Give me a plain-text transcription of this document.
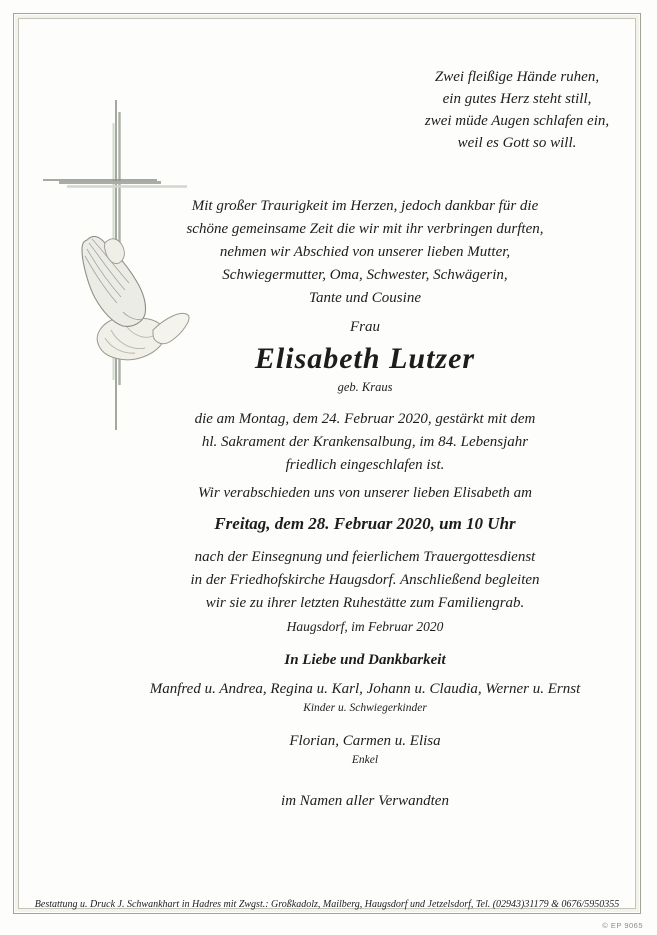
Zwei fleißige Hände ruhen,
ein gutes Herz steht still,
zwei müde Augen schlafen ein,
weil es Gott so will.
Mit großer Traurigkeit im Herzen, jedoch dankbar für die
schöne gemeinsame Zeit die wir mit ihr verbringen durften,
nehmen wir Abschied von unserer lieben Mutter,
Schwiegermutter, Oma, Schwester, Schwägerin,
Tante und Cousine
Frau
Elisabeth Lutzer
geb. Kraus
die am Montag, dem 24. Februar 2020, gestärkt mit dem
hl. Sakrament der Krankensalbung, im 84. Lebensjahr
friedlich eingeschlafen ist.
Wir verabschieden uns von unserer lieben Elisabeth am
Freitag, dem 28. Februar 2020, um 10 Uhr
nach der Einsegnung und feierlichem Trauergottesdienst
in der Friedhofskirche Haugsdorf. Anschließend begleiten
wir sie zu ihrer letzten Ruhestätte zum Familiengrab.
Haugsdorf, im Februar 2020
In Liebe und Dankbarkeit
Manfred u. Andrea, Regina u. Karl, Johann u. Claudia, Werner u. Ernst
Kinder u. Schwiegerkinder
Florian, Carmen u. Elisa
Enkel
im Namen aller Verwandten
Bestattung u. Druck J. Schwankhart in Hadres mit Zwgst.: Großkadolz, Mailberg, Haugsdorf und Jetzelsdorf, Tel. (02943)31179 & 0676/5950355
© EP 9065
